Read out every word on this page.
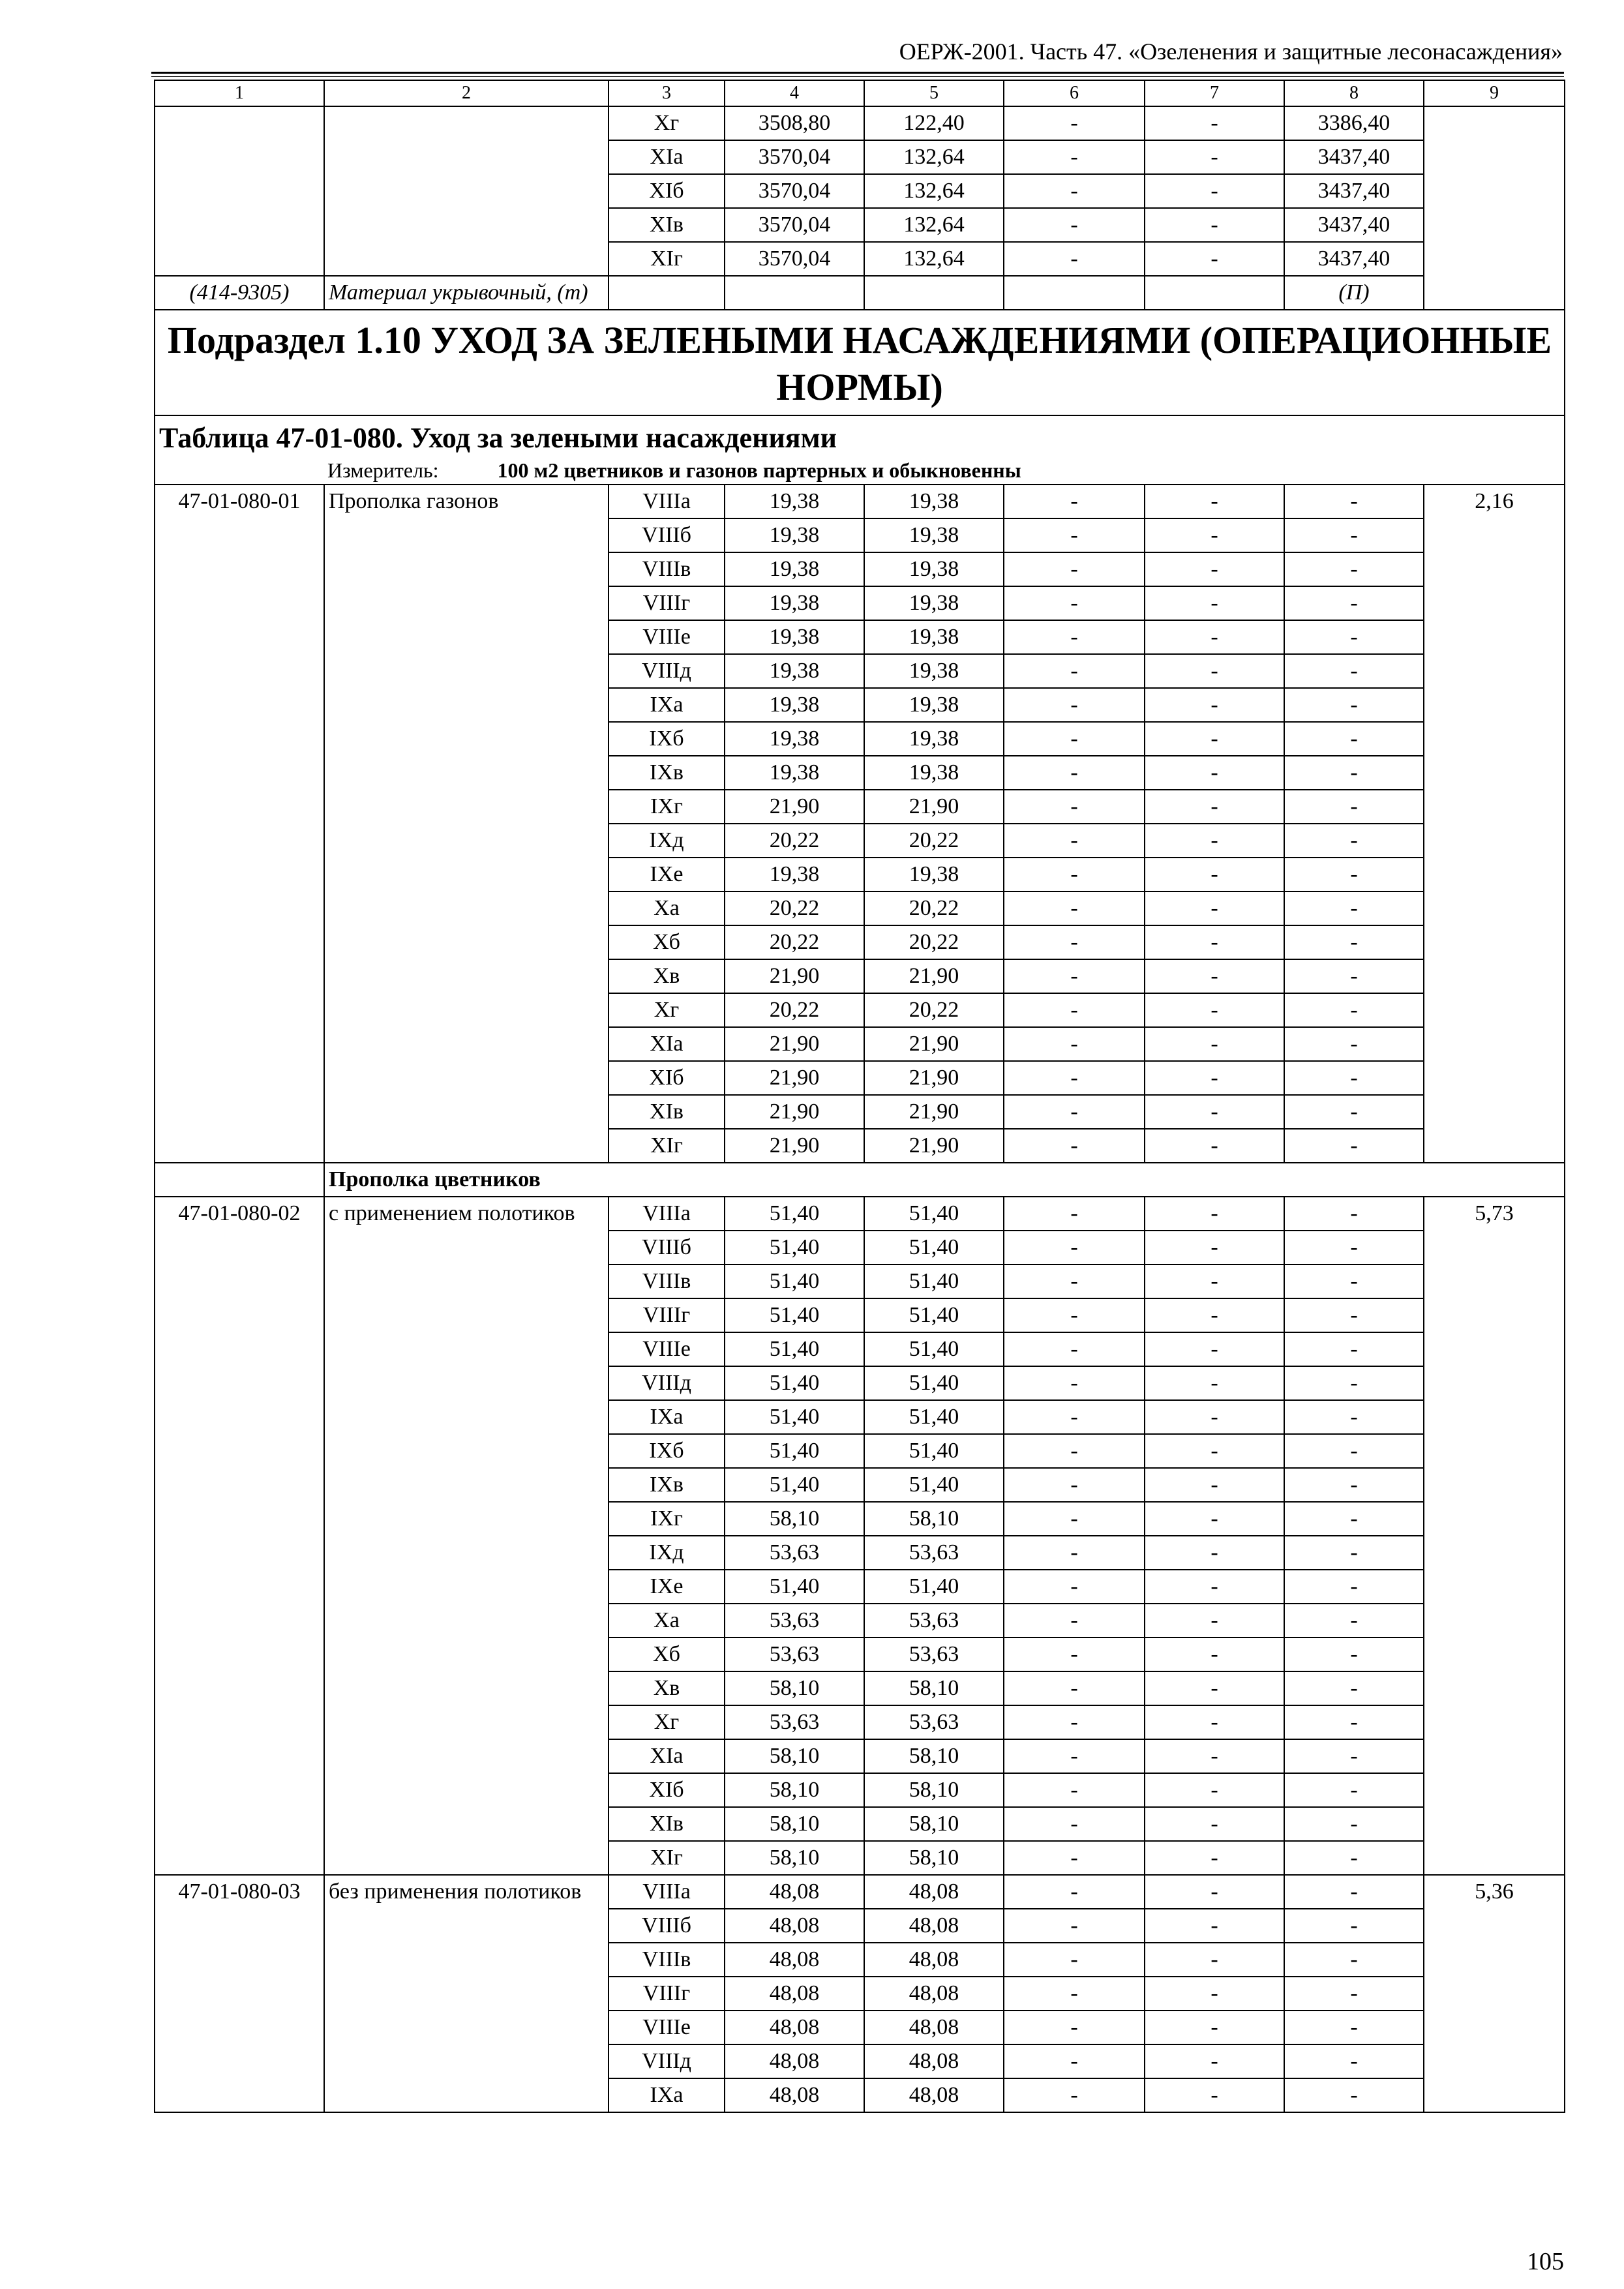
ОЕРЖ-2001. Часть 47. «Озеленения и защитные лесонасаждения»
1	2	3	4	5	6	7	8	9
		Xг	3508,80	122,40	-	-	3386,40	
		XIа	3570,04	132,64	-	-	3437,40	
		XIб	3570,04	132,64	-	-	3437,40	
		XIв	3570,04	132,64	-	-	3437,40	
		XIг	3570,04	132,64	-	-	3437,40	
(414-9305)	Материал укрывочный, (т)						(П)	
Подраздел 1.10 УХОД ЗА ЗЕЛЕНЫМИ НАСАЖДЕНИЯМИ (ОПЕРАЦИОННЫЕ НОРМЫ)								
Таблица 47-01-080. Уход за зелеными насаждениями								
Измеритель: 100 м2 цветников и газонов партерных и обыкновенны								
47-01-080-01	Прополка газонов	VIIIа	19,38	19,38	-	-	-	2,16
		VIIIб	19,38	19,38	-	-	-	
		VIIIв	19,38	19,38	-	-	-	
		VIIIг	19,38	19,38	-	-	-	
		VIIIе	19,38	19,38	-	-	-	
		VIIIд	19,38	19,38	-	-	-	
		IXа	19,38	19,38	-	-	-	
		IXб	19,38	19,38	-	-	-	
		IXв	19,38	19,38	-	-	-	
		IXг	21,90	21,90	-	-	-	
		IXд	20,22	20,22	-	-	-	
		IXе	19,38	19,38	-	-	-	
		Xа	20,22	20,22	-	-	-	
		Xб	20,22	20,22	-	-	-	
		Xв	21,90	21,90	-	-	-	
		Xг	20,22	20,22	-	-	-	
		XIа	21,90	21,90	-	-	-	
		XIб	21,90	21,90	-	-	-	
		XIв	21,90	21,90	-	-	-	
		XIг	21,90	21,90	-	-	-	
	Прополка цветников							
47-01-080-02	с применением полотиков	VIIIа	51,40	51,40	-	-	-	5,73
		VIIIб	51,40	51,40	-	-	-	
		VIIIв	51,40	51,40	-	-	-	
		VIIIг	51,40	51,40	-	-	-	
		VIIIе	51,40	51,40	-	-	-	
		VIIIд	51,40	51,40	-	-	-	
		IXа	51,40	51,40	-	-	-	
		IXб	51,40	51,40	-	-	-	
		IXв	51,40	51,40	-	-	-	
		IXг	58,10	58,10	-	-	-	
		IXд	53,63	53,63	-	-	-	
		IXе	51,40	51,40	-	-	-	
		Xа	53,63	53,63	-	-	-	
		Xб	53,63	53,63	-	-	-	
		Xв	58,10	58,10	-	-	-	
		Xг	53,63	53,63	-	-	-	
		XIа	58,10	58,10	-	-	-	
		XIб	58,10	58,10	-	-	-	
		XIв	58,10	58,10	-	-	-	
		XIг	58,10	58,10	-	-	-	
47-01-080-03	без применения полотиков	VIIIа	48,08	48,08	-	-	-	5,36
		VIIIб	48,08	48,08	-	-	-	
		VIIIв	48,08	48,08	-	-	-	
		VIIIг	48,08	48,08	-	-	-	
		VIIIе	48,08	48,08	-	-	-	
		VIIIд	48,08	48,08	-	-	-	
		IXа	48,08	48,08	-	-	-	
105
